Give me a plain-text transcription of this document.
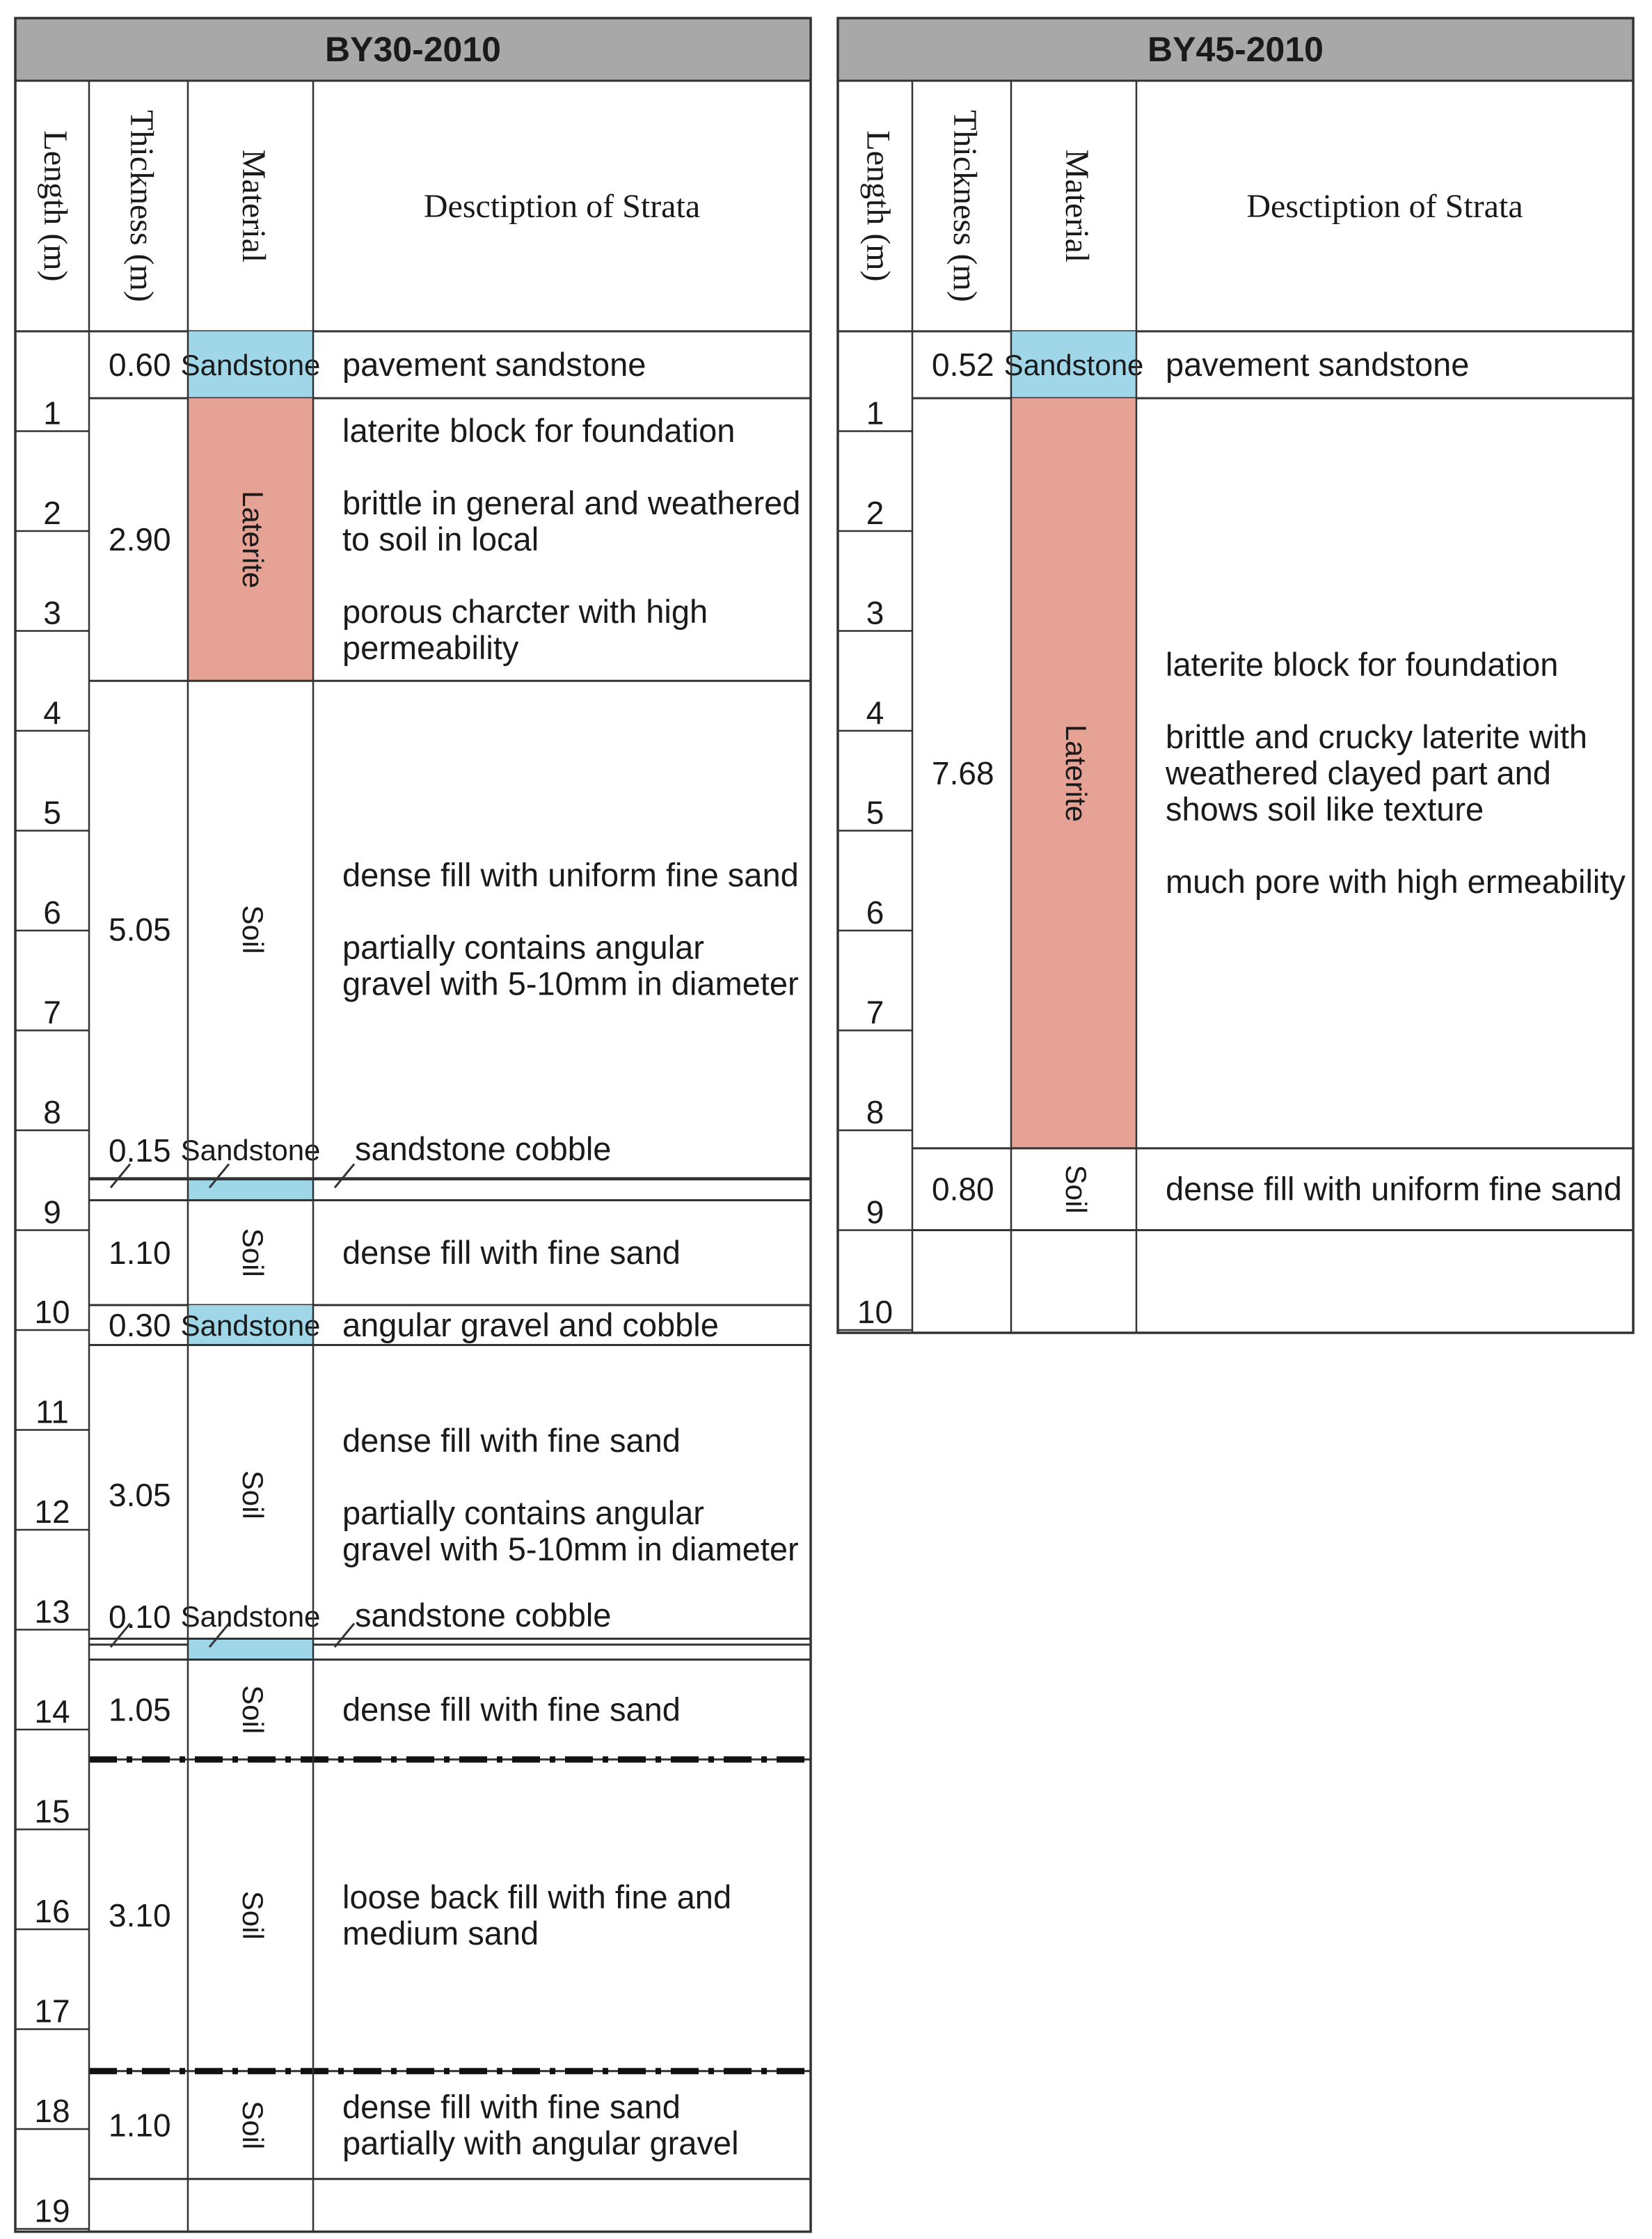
BY30-2010
Length (m) Thickness (m) Material	Desctiption of Strata
0.60 Sandstone pavement sandstone
2.90 Laterite
laterite block for foundation
brittle in general and weathered
to soil in local
porous charcter with high
permeability
5.05 Soil
dense fill with uniform fine sand
partially contains angular
gravel with 5-10mm in diameter
0.15 Sandstone sandstone cobble
1.10 Soil dense fill with fine sand
0.30 Sandstone angular gravel and cobble
3.05 Soil
dense fill with fine sand
partially contains angular
gravel with 5-10mm in diameter
0.10 Sandstone sandstone cobble
1.05 Soil dense fill with fine sand
3.10 Soil loose back fill with fine and
medium sand
1.10 Soil dense fill with fine sand
partially with angular gravel
1
2
3
4
5
6
7
8
9
10
11
12
13
14
15
16
17
18
19
BY45-2010
Length (m) Thickness (m) Material	Desctiption of Strata
0.52 Sandstone pavement sandstone
7.68 Laterite
laterite block for foundation
brittle and crucky laterite with
weathered clayed part and
shows soil like texture
much pore with high ermeability
0.80 Soil dense fill with uniform fine sand
1
2
3
4
5
6
7
8
9
10
